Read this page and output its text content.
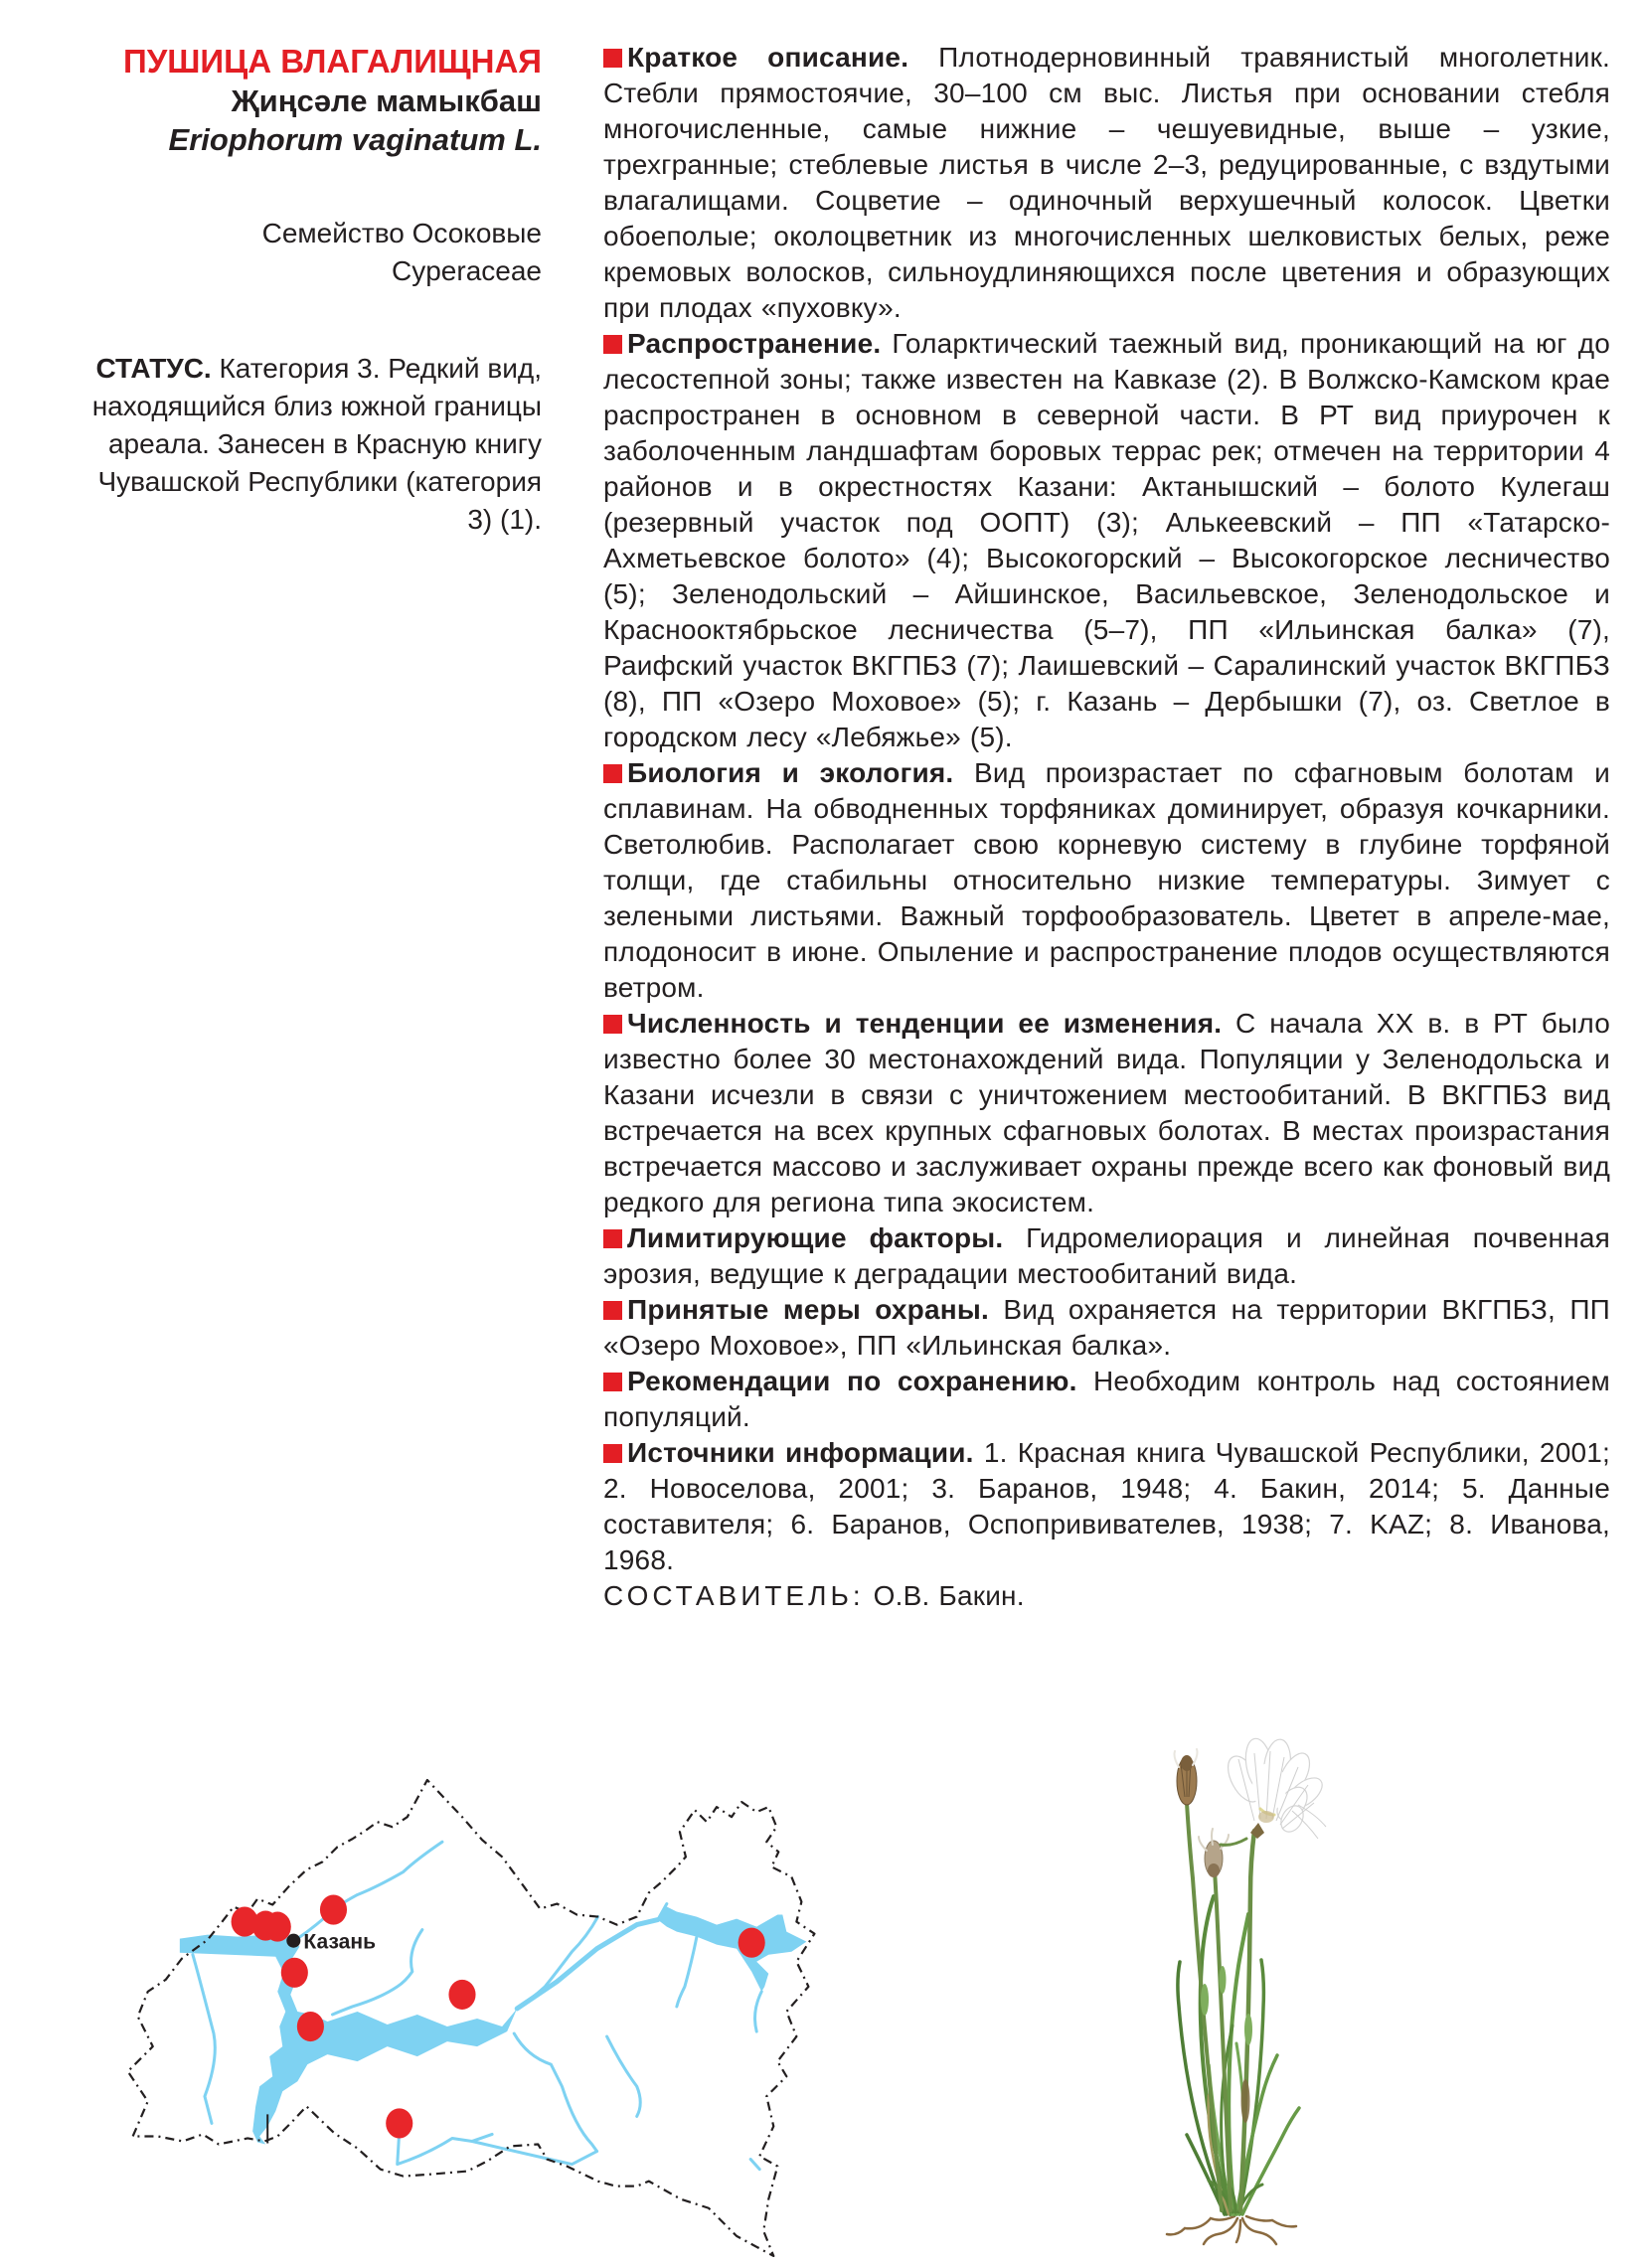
ПУШИЦА ВЛАГАЛИЩНАЯ
Җиңсәле мамыкбаш
Eriophorum vaginatum L.
Семейство Осоковые
Cyperaceae
СТАТУС. Категория 3. Редкий вид, находящийся близ южной границы ареала. Занесен в Красную книгу Чувашской Республики (категория 3) (1).

Краткое описание. Плотнодерновинный травянистый многолетник. Стебли прямостоячие, 30–100 см выс. Листья при основании стебля многочисленные, самые нижние – чешуевидные, выше – узкие, трехгранные; стеблевые листья в числе 2–3, редуцированные, с вздутыми влагалищами. Соцветие – одиночный верхушечный колосок. Цветки обоеполые; околоцветник из многочисленных шелковистых белых, реже кремовых волосков, сильноудлиняющихся после цветения и образующих при плодах «пуховку».

Распространение. Голарктический таежный вид, проникающий на юг до лесостепной зоны; также известен на Кавказе (2). В Волжско-Камском крае распространен в основном в северной части. В РТ вид приурочен к заболоченным ландшафтам боровых террас рек; отмечен на территории 4 районов и в окрестностях Казани: Актанышский – болото Кулегаш (резервный участок под ООПТ) (3); Алькеевский – ПП «Татарско-Ахметьевское болото» (4); Высокогорский – Высокогорское лесничество (5); Зеленодольский – Айшинское, Васильевское, Зеленодольское и Краснооктябрьское лесничества (5–7), ПП «Ильинская балка» (7), Раифский участок ВКГПБЗ (7); Лаишевский – Саралинский участок ВКГПБЗ (8), ПП «Озеро Моховое» (5); г. Казань – Дербышки (7), оз. Светлое в городском лесу «Лебяжье» (5).

Биология и экология. Вид произрастает по сфагновым болотам и сплавинам. На обводненных торфяниках доминирует, образуя кочкарники. Светолюбив. Располагает свою корневую систему в глубине торфяной толщи, где стабильны относительно низкие температуры. Зимует с зелеными листьями. Важный торфообразователь. Цветет в апреле-мае, плодоносит в июне. Опыление и распространение плодов осуществляются ветром.

Численность и тенденции ее изменения. С начала XX в. в РТ было известно более 30 местонахождений вида. Популяции у Зеленодольска и Казани исчезли в связи с уничтожением местообитаний. В ВКГПБЗ вид встречается на всех крупных сфагновых болотах. В местах произрастания встречается массово и заслуживает охраны прежде всего как фоновый вид редкого для региона типа экосистем.

Лимитирующие факторы. Гидромелиорация и линейная почвенная эрозия, ведущие к деградации местообитаний вида.

Принятые меры охраны. Вид охраняется на территории ВКГПБЗ, ПП «Озеро Моховое», ПП «Ильинская балка».

Рекомендации по сохранению. Необходим контроль над состоянием популяций.

Источники информации. 1. Красная книга Чувашской Республики, 2001; 2. Новоселова, 2001; 3. Баранов, 1948; 4. Бакин, 2014; 5. Данные составителя; 6. Баранов, Оспопрививателев, 1938; 7. KAZ; 8. Иванова, 1968.

СОСТАВИТЕЛЬ: О.В. Бакин.

Казань
